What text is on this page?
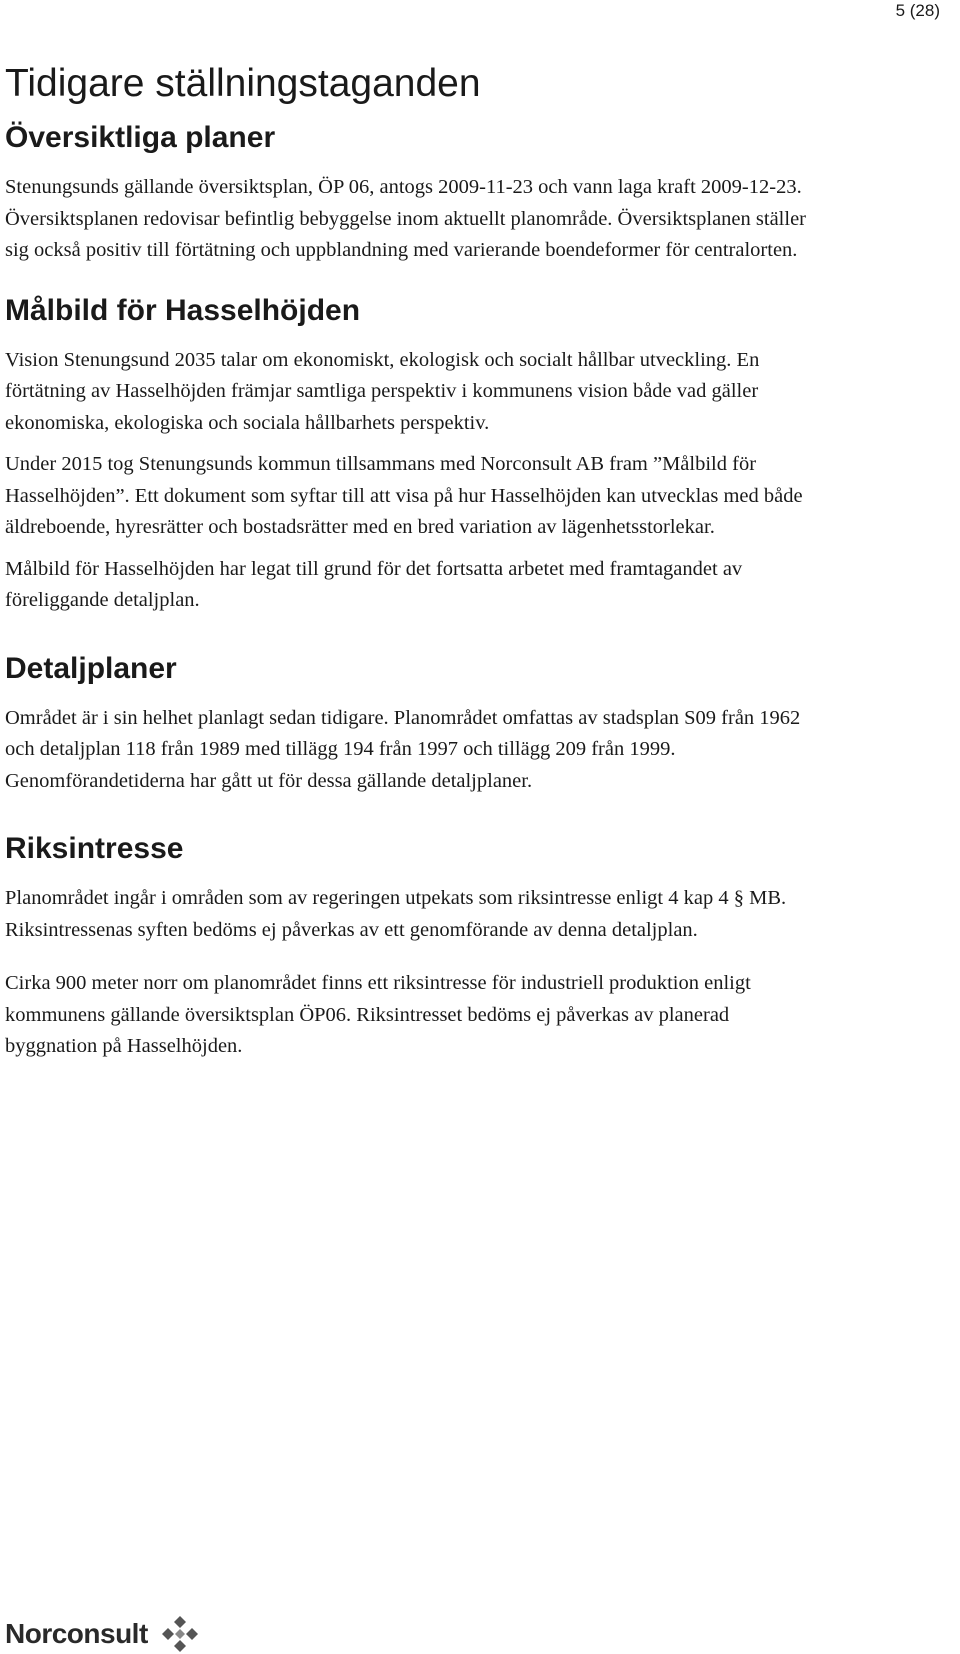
5 (28)
Tidigare ställningstaganden
Översiktliga planer

Stenungsunds gällande översiktsplan, ÖP 06, antogs 2009-11-23 och vann laga kraft 2009-12-23. Översiktsplanen redovisar befintlig bebyggelse inom aktuellt planområde. Översiktsplanen ställer sig också positiv till förtätning och uppblandning med varierande boendeformer för centralorten.

Målbild för Hasselhöjden

Vision Stenungsund 2035 talar om ekonomiskt, ekologisk och socialt hållbar utveckling. En förtätning av Hasselhöjden främjar samtliga perspektiv i kommunens vision både vad gäller ekonomiska, ekologiska och sociala hållbarhets perspektiv.

Under 2015 tog Stenungsunds kommun tillsammans med Norconsult AB fram ”Målbild för Hasselhöjden”. Ett dokument som syftar till att visa på hur Hasselhöjden kan utvecklas med både äldreboende, hyresrätter och bostadsrätter med en bred variation av lägenhetsstorlekar.

Målbild för Hasselhöjden har legat till grund för det fortsatta arbetet med framtagandet av föreliggande detaljplan.

Detaljplaner

Området är i sin helhet planlagt sedan tidigare. Planområdet omfattas av stadsplan S09 från 1962 och detaljplan 118 från 1989 med tillägg 194 från 1997 och tillägg 209 från 1999. Genomförandetiderna har gått ut för dessa gällande detaljplaner.

Riksintresse

Planområdet ingår i områden som av regeringen utpekats som riksintresse enligt 4 kap 4 § MB. Riksintressenas syften bedöms ej påverkas av ett genomförande av denna detaljplan.

Cirka 900 meter norr om planområdet finns ett riksintresse för industriell produktion enligt kommunens gällande översiktsplan ÖP06. Riksintresset bedöms ej påverkas av planerad byggnation på Hasselhöjden.

Norconsult
